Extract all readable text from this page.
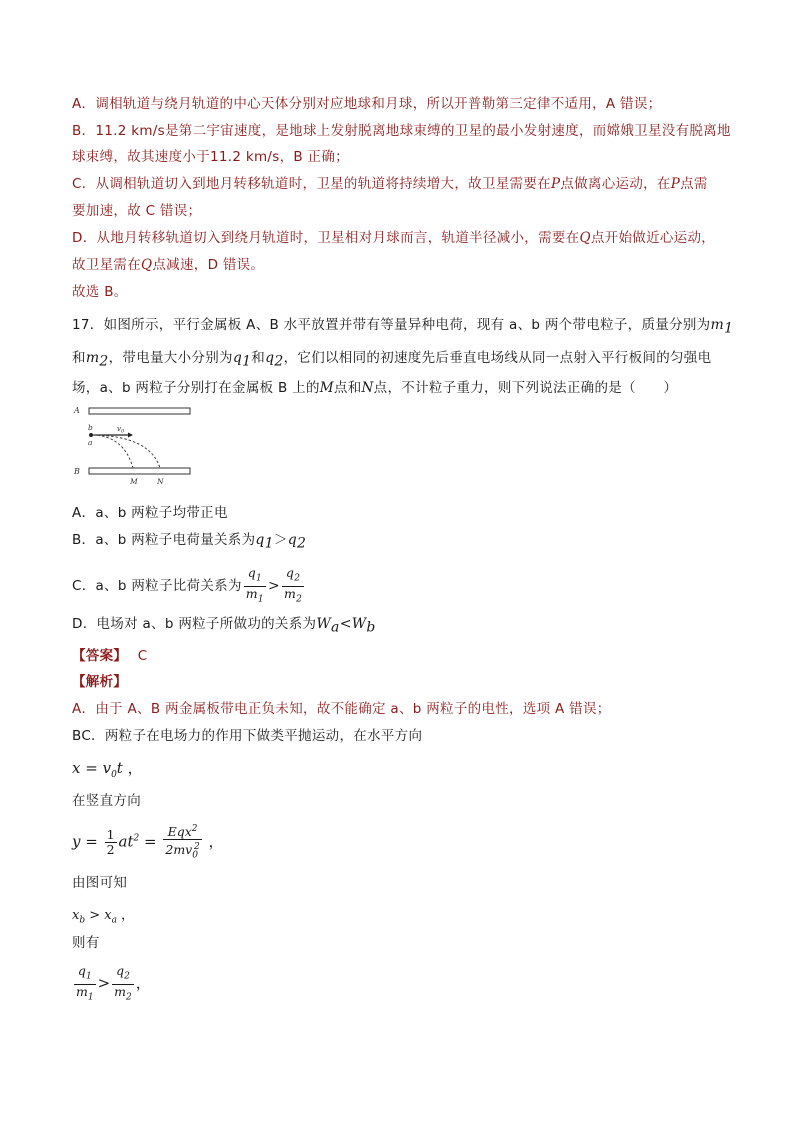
A．调相轨道与绕月轨道的中心天体分别对应地球和月球，所以开普勒第三定律不适用，A 错误；
B．11.2 km/s是第二宇宙速度，是地球上发射脱离地球束缚的卫星的最小发射速度，而嫦娥卫星没有脱离地
球束缚，故其速度小于11.2 km/s，B 正确；
C．从调相轨道切入到地月转移轨道时，卫星的轨道将持续增大，故卫星需要在P点做离心运动，在P点需
要加速，故 C 错误；
D．从地月转移轨道切入到绕月轨道时，卫星相对月球而言，轨道半径减小，需要在Q点开始做近心运动，
故卫星需在Q点减速，D 错误。
故选 B。
17．如图所示，平行金属板 A、B 水平放置并带有等量异种电荷，现有 a、b 两个带电粒子，质量分别为$m_1$
和$m_2$，带电量大小分别为$q_1$和$q_2$，它们以相同的初速度先后垂直电场线从同一点射入平行板间的匀强电
场，a、b 两粒子分别打在金属板 B 上的M点和N点，不计粒子重力，则下列说法正确的是（　　）
A
B
b
a
$v_0$
M	N
A．a、b 两粒子均带正电
B．a、b 两粒子电荷量关系为$q_1>q_2$
C．a、b 两粒子比荷关系为 $\frac{q_1}{m_1} > \frac{q_2}{m_2}$
D．电场对 a、b 两粒子所做功的关系为$W_a<W_b$
【答案】 C
【解析】
A．由于 A、B 两金属板带电正负未知，故不能确定 a、b 两粒子的电性，选项 A 错误；
BC．两粒子在电场力的作用下做类平抛运动，在水平方向
$x = v_0t$ ，
在竖直方向
$y = \frac{1}{2} at^2 = \frac{Eqx^2}{2mv_0^2}$ ，
由图可知
$x_b > x_a$ ，
则有
$\frac{q_1}{m_1} > \frac{q_2}{m_2}$ ，
